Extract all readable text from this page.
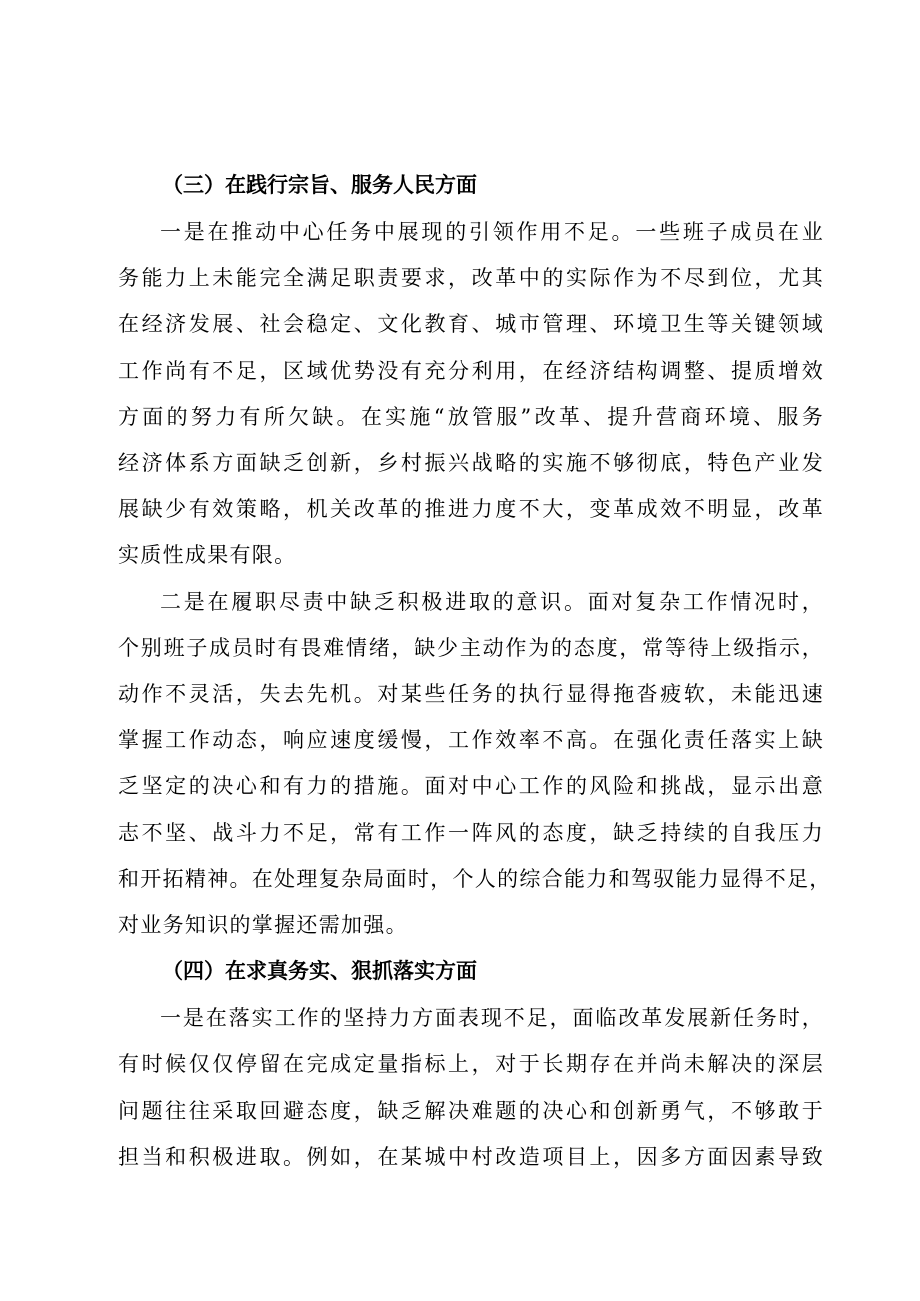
（三）在践行宗旨、服务人民方面
一是在推动中心任务中展现的引领作用不足。一些班子成员在业
务能力上未能完全满足职责要求，改革中的实际作为不尽到位，尤其
在经济发展、社会稳定、文化教育、城市管理、环境卫生等关键领域
工作尚有不足，区域优势没有充分利用，在经济结构调整、提质增效
方面的努力有所欠缺。在实施“放管服”改革、提升营商环境、服务
经济体系方面缺乏创新，乡村振兴战略的实施不够彻底，特色产业发
展缺少有效策略，机关改革的推进力度不大，变革成效不明显，改革
实质性成果有限。
二是在履职尽责中缺乏积极进取的意识。面对复杂工作情况时，
个别班子成员时有畏难情绪，缺少主动作为的态度，常等待上级指示，
动作不灵活，失去先机。对某些任务的执行显得拖沓疲软，未能迅速
掌握工作动态，响应速度缓慢，工作效率不高。在强化责任落实上缺
乏坚定的决心和有力的措施。面对中心工作的风险和挑战，显示出意
志不坚、战斗力不足，常有工作一阵风的态度，缺乏持续的自我压力
和开拓精神。在处理复杂局面时，个人的综合能力和驾驭能力显得不足，
对业务知识的掌握还需加强。
（四）在求真务实、狠抓落实方面
一是在落实工作的坚持力方面表现不足，面临改革发展新任务时，
有时候仅仅停留在完成定量指标上，对于长期存在并尚未解决的深层
问题往往采取回避态度，缺乏解决难题的决心和创新勇气，不够敢于
担当和积极进取。例如，在某城中村改造项目上，因多方面因素导致
